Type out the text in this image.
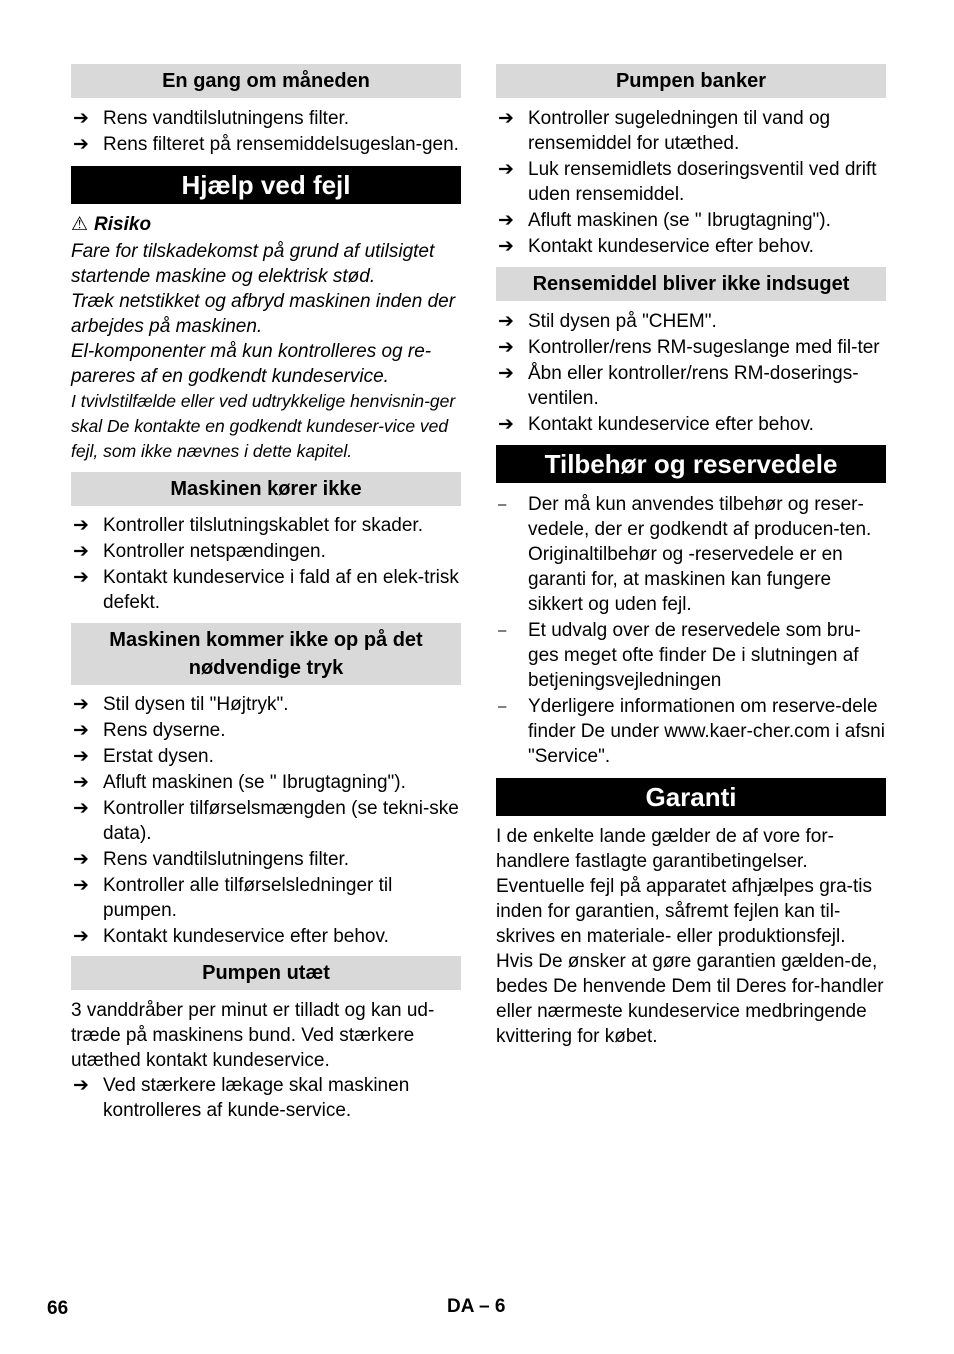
En gang om måneden
➔ Rens vandtilslutningens filter.
➔ Rens filteret på rensemiddelsugeslan-gen.
Hjælp ved fejl

⚠ Risiko

Fare for tilskadekomst på grund af utilsigtet startende maskine og elektrisk stød.

Træk netstikket og afbryd maskinen inden der arbejdes på maskinen.

El-komponenter må kun kontrolleres og re-pareres af en godkendt kundeservice.

I tvivlstilfælde eller ved udtrykkelige henvisnin-ger skal De kontakte en godkendt kundeser-vice ved fejl, som ikke nævnes i dette kapitel.

Maskinen kører ikke
➔ Kontroller tilslutningskablet for skader.
➔ Kontroller netspændingen.
➔ Kontakt kundeservice i fald af en elek-trisk defekt.
Maskinen kommer ikke op på det nødvendige tryk
➔ Stil dysen til "Højtryk".
➔ Rens dyserne.
➔ Erstat dysen.
➔ Afluft maskinen (se " Ibrugtagning").
➔ Kontroller tilførselsmængden (se tekni-ske data).
➔ Rens vandtilslutningens filter.
➔ Kontroller alle tilførselsledninger til pumpen.
➔ Kontakt kundeservice efter behov.
Pumpen utæt

3 vanddråber per minut er tilladt og kan ud-træde på maskinens bund. Ved stærkere utæthed kontakt kundeservice.

➔ Ved stærkere lækage skal maskinen kontrolleres af kunde-service.
Pumpen banker
➔ Kontroller sugeledningen til vand og rensemiddel for utæthed.
➔ Luk rensemidlets doseringsventil ved drift uden rensemiddel.
➔ Afluft maskinen (se " Ibrugtagning").
➔ Kontakt kundeservice efter behov.
Rensemiddel bliver ikke indsuget
➔ Stil dysen på "CHEM".
➔ Kontroller/rens RM-sugeslange med fil-ter
➔ Åbn eller kontroller/rens RM-doserings-ventilen.
➔ Kontakt kundeservice efter behov.
Tilbehør og reservedele
–	Der må kun anvendes tilbehør og reser-vedele, der er godkendt af producen-ten. Originaltilbehør og -reservedele er en garanti for, at maskinen kan fungere sikkert og uden fejl.
–	Et udvalg over de reservedele som bru-ges meget ofte finder De i slutningen af betjeningsvejledningen
–	Yderligere informationen om reserve-dele finder De under www.kaer-cher.com i afsni "Service".
Garanti

I de enkelte lande gælder de af vore for-handlere fastlagte garantibetingelser. Eventuelle fejl på apparatet afhjælpes gra-tis inden for garantien, såfremt fejlen kan til-skrives en materiale- eller produktionsfejl. Hvis De ønsker at gøre garantien gælden-de, bedes De henvende Dem til Deres for-handler eller nærmeste kundeservice medbringende kvittering for købet.

66	DA – 6
